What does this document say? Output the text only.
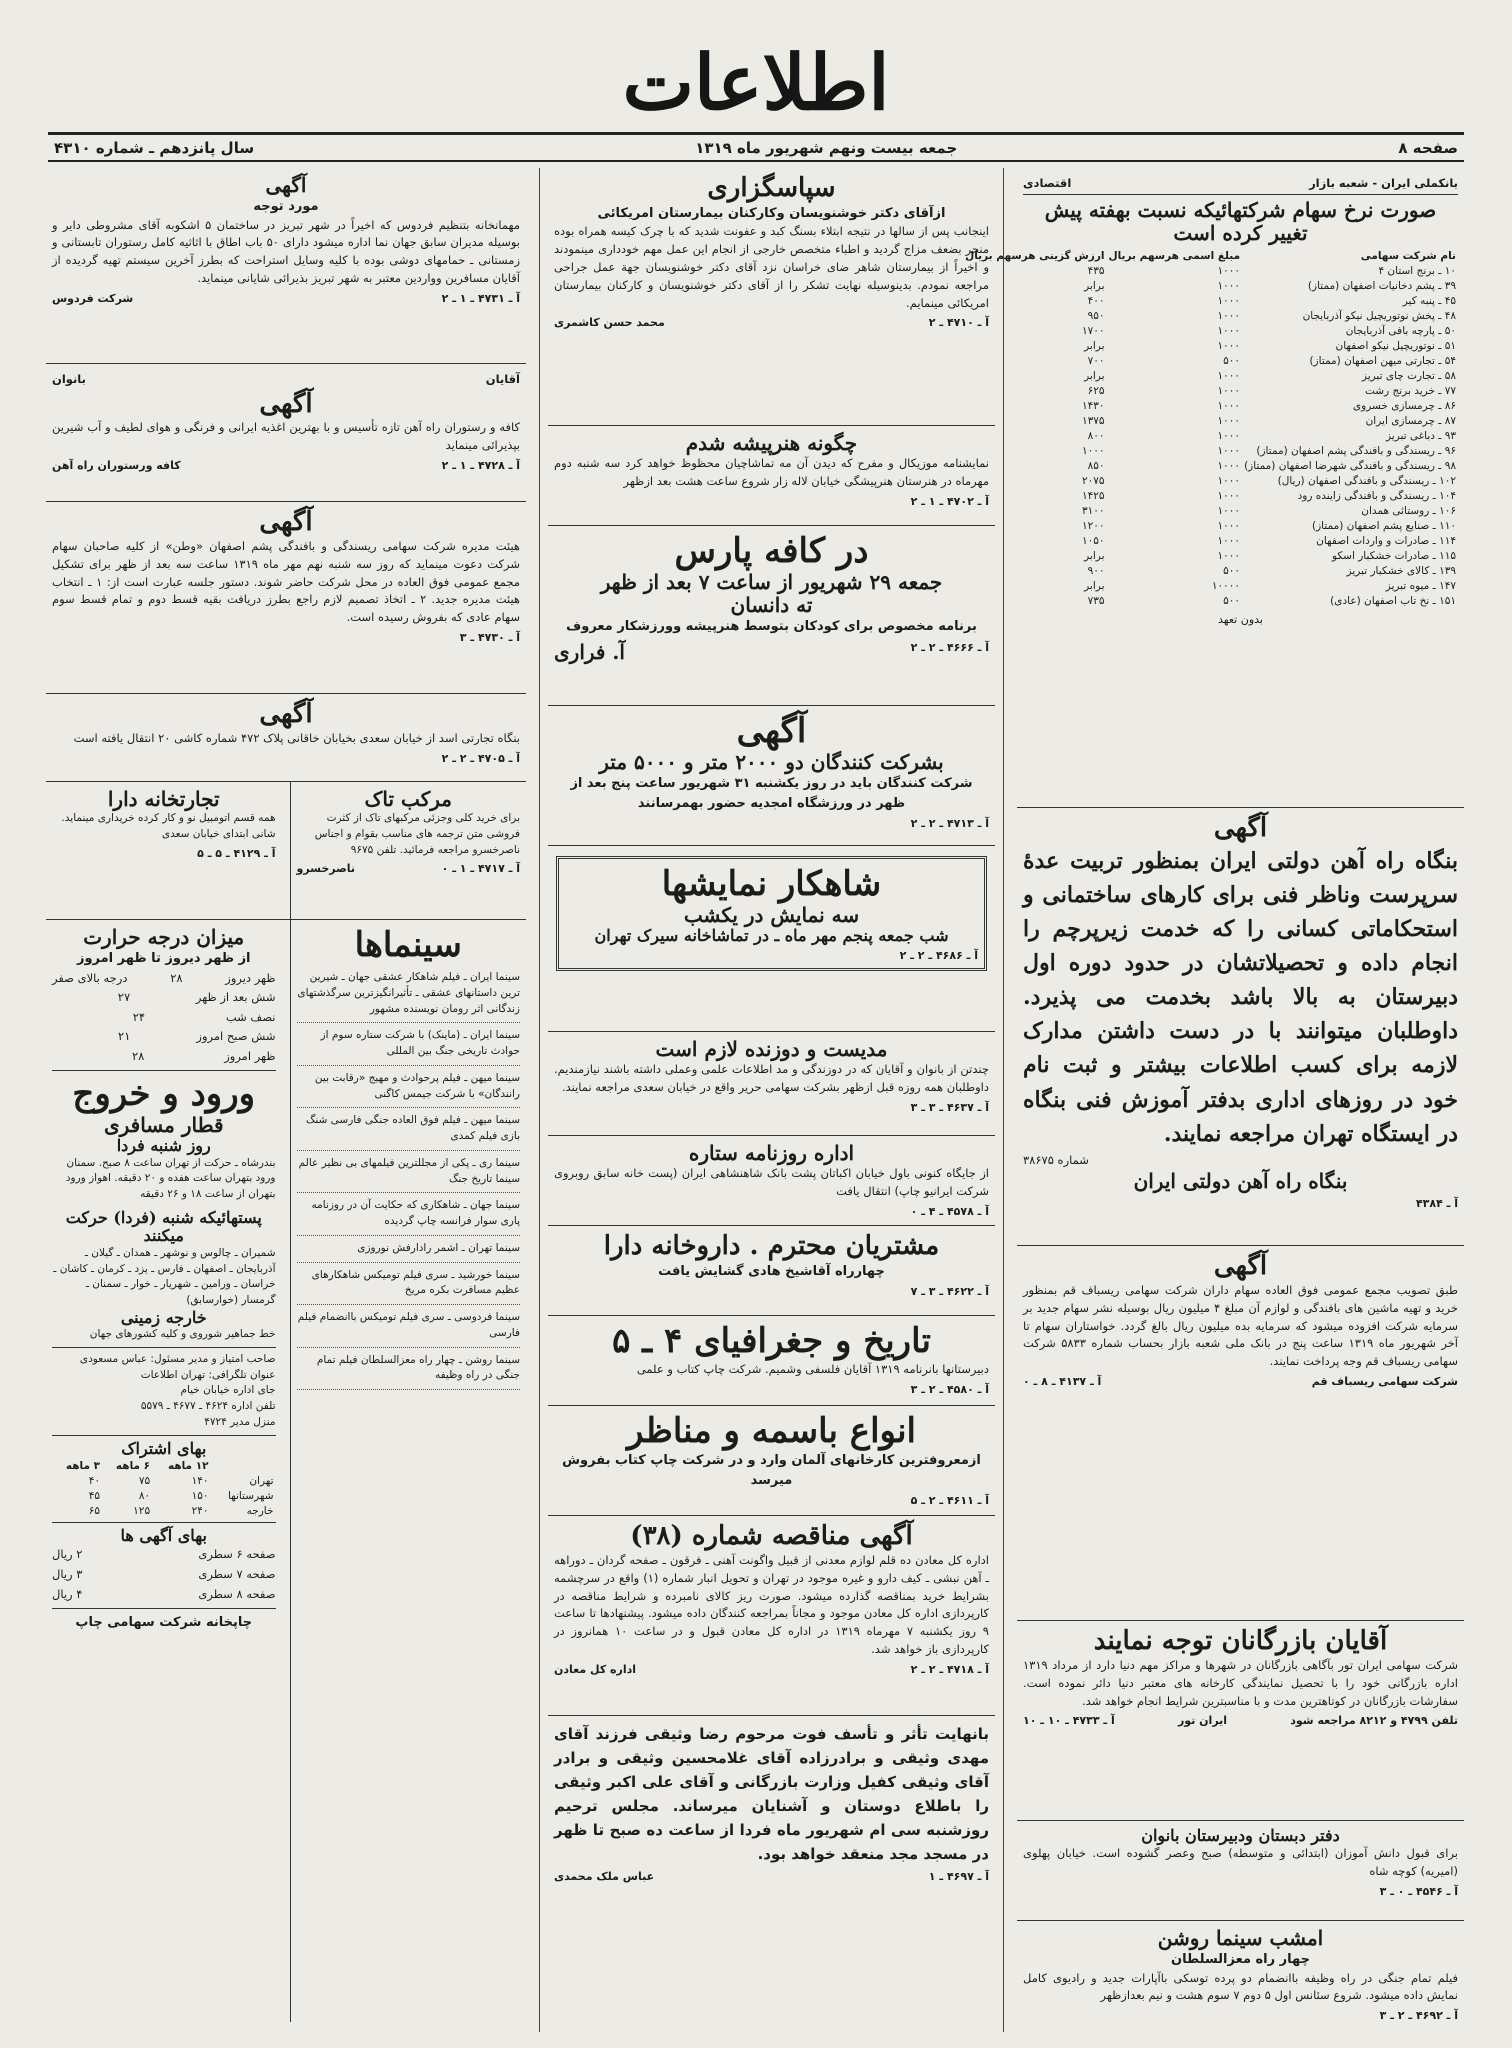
اطلاعات
صفحه ۸
جمعه بیست ونهم شهریور ماه ۱۳۱۹
سال پانزدهم ـ شماره ۴۳۱۰
بانکملی ایران - شعبه بازار
اقتصادی
صورت نرخ سهام شرکتهائیکه نسبت بهفته پیش تغییر کرده است
نام شرکت سهامی	مبلغ اسمی هرسهم بریال	ارزش گزینی هرسهم بریال
۱۰ ـ برنج استان ۴	۱۰۰۰	۴۳۵
۳۹ ـ پشم دخانیات اصفهان (ممتاز)	۱۰۰۰	برابر
۴۵ ـ پنبه کیر	۱۰۰۰	۴۰۰
۴۸ ـ پخش نوتوریچیل نیکو آذربایجان	۱۰۰۰	۹۵۰
۵۰ ـ پارچه بافی آذربایجان	۱۰۰۰	۱۷۰۰
۵۱ ـ نوتوریچیل نیکو اصفهان	۱۰۰۰	برابر
۵۴ ـ تجارتی میهن اصفهان (ممتاز)	۵۰۰	۷۰۰
۵۸ ـ تجارت چای تبریز	۱۰۰۰	برابر
۷۷ ـ خرید برنج رشت	۱۰۰۰	۶۲۵
۸۶ ـ چرمسازی خسروی	۱۰۰۰	۱۴۳۰
۸۷ ـ چرمسازی ایران	۱۰۰۰	۱۳۷۵
۹۳ ـ دباغی تبریز	۱۰۰۰	۸۰۰
۹۶ ـ ریسندگی و بافندگی پشم اصفهان (ممتاز)	۱۰۰۰	۱۰۰۰
۹۸ ـ ریسندگی و بافندگی شهرضا اصفهان (ممتاز)	۱۰۰۰	۸۵۰
۱۰۲ ـ ریسندگی و بافندگی اصفهان (ریال)	۱۰۰۰	۲۰۷۵
۱۰۴ ـ ریسندگی و بافندگی زاینده رود	۱۰۰۰	۱۴۲۵
۱۰۶ ـ روستائی همدان	۱۰۰۰	۳۱۰۰
۱۱۰ ـ صنایع پشم اصفهان (ممتاز)	۱۰۰۰	۱۲۰۰
۱۱۴ ـ صادرات و واردات اصفهان	۱۰۰۰	۱۰۵۰
۱۱۵ ـ صادرات خشکبار اسکو	۱۰۰۰	برابر
۱۳۹ ـ کالای خشکبار تبریز	۵۰۰	۹۰۰
۱۴۷ ـ میوه تبریز	۱۰۰۰۰	برابر
۱۵۱ ـ نخ تاب اصفهان (عادی)	۵۰۰	۷۳۵
بدون تعهد
آگهی
بنگاه راه آهن دولتی ایران بمنظور تربیت عدهٔ سرپرست وناظر فنی برای کارهای ساختمانی و استحکاماتی کسانی را که خدمت زیرپرچم را انجام داده و تحصیلاتشان در حدود دوره اول دبیرستان به بالا باشد بخدمت می پذیرد. داوطلبان میتوانند با در دست داشتن مدارک لازمه برای کسب اطلاعات بیشتر و ثبت نام خود در روزهای اداری بدفتر آموزش فنی بنگاه در ایستگاه تهران مراجعه نمایند.
شماره ۳۸۶۷۵
بنگاه راه آهن دولتی ایران
آ ـ ۴۳۸۴
آگهی
طبق تصویب مجمع عمومی فوق العاده سهام داران شرکت سهامی ریسباف قم بمنظور خرید و تهیه ماشین های بافندگی و لوازم آن مبلغ ۴ میلیون ریال بوسیله نشر سهام جدید بر سرمایه شرکت افزوده میشود که سرمایه بده میلیون ریال بالغ گردد. خواستاران سهام تا آخر شهریور ماه ۱۳۱۹ ساعت پنج در بانک ملی شعبه بازار بحساب شماره ۵۸۳۳ شرکت سهامی ریسباف قم وجه پرداخت نمایند.
شرکت سهامی ریسباف قم
آ ـ ۴۱۳۷ ـ ۸ ـ ۰
آقایان بازرگانان توجه نمایند
شرکت سهامی ایران تور بآگاهی بازرگانان در شهرها و مراکز مهم دنیا دارد از مرداد ۱۳۱۹ اداره بازرگانی خود را با تحصیل نمایندگی کارخانه های معتبر دنیا دائر نموده است. سفارشات بازرگانان در کوتاهترین مدت و با مناسبترین شرایط انجام خواهد شد.
تلفن ۴۷۹۹ و ۸۲۱۲ مراجعه شود
ایران تور
آ ـ ۴۷۳۳ ـ ۱۰ ـ ۱۰
دفتر دبستان ودبیرستان بانوان
برای قبول دانش آموزان (ابتدائی و متوسطه) صبح وعصر گشوده است. خیابان پهلوی (امیریه) کوچه شاه
آ ـ ۴۵۴۶ ـ ۰ ـ ۳
امشب سینما روشن
چهار راه معزالسلطان
فیلم تمام جنگی در راه وظیفه باانضمام دو پرده توسکی باآپارات جدید و رادیوی کامل نمایش داده میشود. شروع سئانس اول ۵ دوم ۷ سوم هشت و نیم بعدازظهر
آ ـ ۴۶۹۲ ـ ۲ ـ ۳
سپاسگزاری
ازآقای دکتر خوشنویسان وکارکنان بیمارستان امریکائی
اینجانب پس از سالها در نتیجه ابتلاء بسنگ کبد و عفونت شدید که با چرک کیسه همراه بوده منجر بضعف مزاج گردید و اطباء متخصص خارجی از انجام این عمل مهم خودداری مینمودند و اخیراً از بیمارستان شاهر ضای خراسان نزد آقای دکتر خوشنویسان جهة عمل جراحی مراجعه نمودم. بدینوسیله نهایت تشکر را از آقای دکتر خوشنویسان و کارکنان بیمارستان امریکائی مینمایم.
آ ـ ۴۷۱۰ ـ ۲
محمد حسن کاشمری
چگونه هنرپیشه شدم
نمایشنامه موزیکال و مفرح که دیدن آن مه تماشاچیان محظوظ خواهد کرد سه شنبه دوم مهرماه در هنرستان هنرپیشگی خیابان لاله زار شروع ساعت هشت بعد ازظهر
آ ـ ۴۷۰۲ ـ ۱ ـ ۲
در کافه پارس
جمعه ۲۹ شهریور از ساعت ۷ بعد از ظهر
ته دانسان
برنامه مخصوص برای کودکان بتوسط هنرپیشه وورزشکار معروف
آ ـ ۴۶۶۶ ـ ۲ ـ ۲
آ. فراری
آگهی
بشرکت کنندگان دو ۲۰۰۰ متر و ۵۰۰۰ متر
شرکت کنندگان باید در روز یکشنبه ۳۱ شهریور ساعت پنج بعد از ظهر در ورزشگاه امجدیه حضور بهمرسانند
آ ـ ۴۷۱۳ ـ ۲ ـ ۲
شاهکار نمایشها
سه نمایش در یکشب
شب جمعه پنجم مهر ماه ـ در تماشاخانه سیرک تهران
آ ـ ۴۶۸۶ ـ ۲ ـ ۲
مدیست و دوزنده لازم است
چندتن از بانوان و آقایان که در دوزندگی و مد اطلاعات علمی وعملی داشته باشند نیازمندیم. داوطلبان همه روزه قبل ازظهر بشرکت سهامی حریر واقع در خیابان سعدی مراجعه نمایند.
آ ـ ۴۶۳۷ ـ ۳ ـ ۳
اداره روزنامه ستاره
از جایگاه کنونی باول خیابان اکباتان پشت بانک شاهنشاهی ایران (پست خانه سابق روبروی شرکت ایرانیو چاپ) انتقال یافت
آ ـ ۴۵۷۸ ـ ۴ ـ ۰
مشتریان محترم . داروخانه دارا
چهارراه آقاشیخ هادی گشایش یافت
آ ـ ۴۶۲۲ ـ ۳ ـ ۷
تاریخ و جغرافیای ۴ ـ ۵
دبیرستانها بانرنامه ۱۳۱۹ آقایان فلسفی وشمیم. شرکت چاپ کتاب و علمی
آ ـ ۴۵۸۰ ـ ۲ ـ ۳
انواع باسمه و مناظر
ازمعروفترین کارخانهای آلمان وارد و در شرکت چاپ کتاب بفروش میرسد
آ ـ ۴۶۱۱ ـ ۲ ـ ۵
آگهی مناقصه شماره (۳۸)
اداره کل معادن ده قلم لوازم معدنی از قبیل واگونت آهنی ـ فرقون ـ صفحه گردان ـ دوراهه ـ آهن نبشی ـ کیف دارو و غیره موجود در تهران و تحویل انبار شماره (۱) واقع در سرچشمه بشرایط خرید بمناقصه گذارده میشود. صورت ریز کالای نامبرده و شرایط مناقصه در کارپردازی اداره کل معادن موجود و مجاناً بمراجعه کنندگان داده میشود. پیشنهادها تا ساعت ۹ روز یکشنبه ۷ مهرماه ۱۳۱۹ در اداره کل معادن قبول و در ساعت ۱۰ همانروز در کارپردازی باز خواهد شد.
آ ـ ۴۷۱۸ ـ ۲ ـ ۲
اداره کل معادن
بانهایت تأثر و تأسف فوت مرحوم رضا وثیقی فرزند آقای مهدی وثیقی و برادرزاده آقای غلامحسین وثیقی و برادر آقای وثیقی کفیل وزارت بازرگانی و آقای علی اکبر وثیقی را باطلاع دوستان و آشنایان میرساند. مجلس ترحیم روزشنبه سی ام شهریور ماه فردا از ساعت ده صبح تا ظهر در مسجد مجد منعقد خواهد بود.
آ ـ ۴۶۹۷ ـ ۱
عباس ملک محمدی
آگهی
مورد توجه
مهمانخانه بتنظیم فردوس که اخیراً در شهر تبریز در ساختمان ۵ اشکوبه آقای مشروطی دایر و بوسیله مدیران سابق جهان نما اداره میشود دارای ۵۰ باب اطاق با اثاثیه کامل رستوران تابستانی و زمستانی ـ حمامهای دوشی بوده با کلیه وسایل استراحت که بطرز آخرین سیستم تهیه گردیده از آقایان مسافرین وواردین معتبر به شهر تبریز بذیرائی شایانی مینماید.
آ ـ ۴۷۳۱ ـ ۱ ـ ۲
شرکت فردوس
آقایان
بانوان
آگهی
کافه و رستوران راه آهن تازه تأسیس و با بهترین اغذیه ایرانی و فرنگی و هوای لطیف و آب شیرین بپذیرائی مینماید
آ ـ ۴۷۲۸ ـ ۱ ـ ۲
کافه ورستوران راه آهن
آگهی
هیئت مدیره شرکت سهامی ریسندگی و بافندگی پشم اصفهان «وطن» از کلیه صاحبان سهام شرکت دعوت مینماید که روز سه شنبه نهم مهر ماه ۱۳۱۹ ساعت سه بعد از ظهر برای تشکیل مجمع عمومی فوق العاده در محل شرکت حاضر شوند. دستور جلسه عبارت است از: ۱ ـ انتخاب هیئت مدیره جدید. ۲ ـ اتخاذ تصمیم لازم راجع بطرز دریافت بقیه قسط دوم و تمام قسط سوم سهام عادی که بفروش رسیده است.
آ ـ ۴۷۳۰ ـ ۳
آگهی
بنگاه تجارتی اسد از خیابان سعدی بخیابان خاقانی پلاک ۴۷۲ شماره کاشی ۲۰ انتقال یافته است
آ ـ ۴۷۰۵ ـ ۲ ـ ۲
مرکب تاک
برای خرید کلی وجزئی مرکبهای تاک از کثرت فروشی متن ترجمه های مناسب بقوام و اجناس ناصرخسرو مراجعه فرمائید. تلفن ۹۶۷۵
آ ـ ۴۷۱۷ ـ ۱ ـ ۰
ناصرخسرو
تجارتخانه دارا
همه قسم اتومبیل نو و کار کرده خریداری مینماید. شانی ابتدای خیابان سعدی
آ ـ ۴۱۲۹ ـ ۵ ـ ۵
سینماها
سینما ایران ـ فیلم شاهکار عشقی جهان ـ شیرین ترین داستانهای عشقی ـ تأثیرانگیزترین سرگذشتهای زندگانی اثر رومان نویسنده مشهور
سینما ایران ـ (ماینک) با شرکت ستاره سوم از حوادث تاریخی جنگ بین المللی
سینما میهن ـ فیلم پرحوادث و مهیج «رقابت بین رانندگان» با شرکت جیمس کاگنی
سینما میهن ـ فیلم فوق العاده جنگی فارسی شنگ بازی فیلم کمدی
سینما ری ـ پکی از مجللترین فیلمهای بی نظیر عالم سینما تاریخ جنگ
سینما جهان ـ شاهکاری که حکایت آن در روزنامه پاری سوار فرانسه چاپ گردیده
سینما تهران ـ اشمر رادارفش نوروزی
سینما خورشید ـ سری فیلم تومیکس شاهکارهای عظیم مسافرت بکره مریخ
سینما فردوسی ـ سری فیلم تومیکس باانضمام فیلم فارسی
سینما روشن ـ چهار راه معزالسلطان فیلم تمام جنگی در راه وظیفه
میزان درجه حرارت
از ظهر دیروز تا ظهر امروز
ظهر دیروز
۲۸
درجه بالای صفر
شش بعد از ظهر
۲۷
نصف شب
۲۴
شش صبح امروز
۲۱
ظهر امروز
۲۸
ورود و خروج
قطار مسافری
روز شنبه فردا
بندرشاه ـ حرکت از تهران ساعت ۸ صبح. سمنان ورود بتهران ساعت هفده و ۲۰ دقیقه. اهواز ورود بتهران از ساعت ۱۸ و ۲۶ دقیقه
پستهائیکه شنبه (فردا) حرکت میکنند
شمیران ـ چالوس و نوشهر ـ همدان ـ گیلان ـ آذربایجان ـ اصفهان ـ فارس ـ یزد ـ کرمان ـ کاشان ـ خراسان ـ ورامین ـ شهریار ـ خوار ـ سمنان ـ گرمسار (خوارسابق)
خارجه زمینی
خط جماهیر شوروی و کلیه کشورهای جهان
صاحب امتیاز و مدیر مسئول: عباس مسعودی
عنوان تلگرافی: تهران اطلاعات
جای اداره خیابان خیام
تلفن اداره ۴۶۲۴ ـ ۴۶۷۷ ـ ۵۵۷۹
منزل مدیر ۴۷۲۴
بهای اشتراک
	۱۲ ماهه	۶ ماهه	۳ ماهه
تهران	۱۴۰	۷۵	۴۰
شهرستانها	۱۵۰	۸۰	۴۵
خارجه	۲۴۰	۱۲۵	۶۵
بهای آگهی ها
صفحه ۶ سطری
۲ ریال
صفحه ۷ سطری
۳ ریال
صفحه ۸ سطری
۴ ریال
چاپخانه شرکت سهامی چاپ
